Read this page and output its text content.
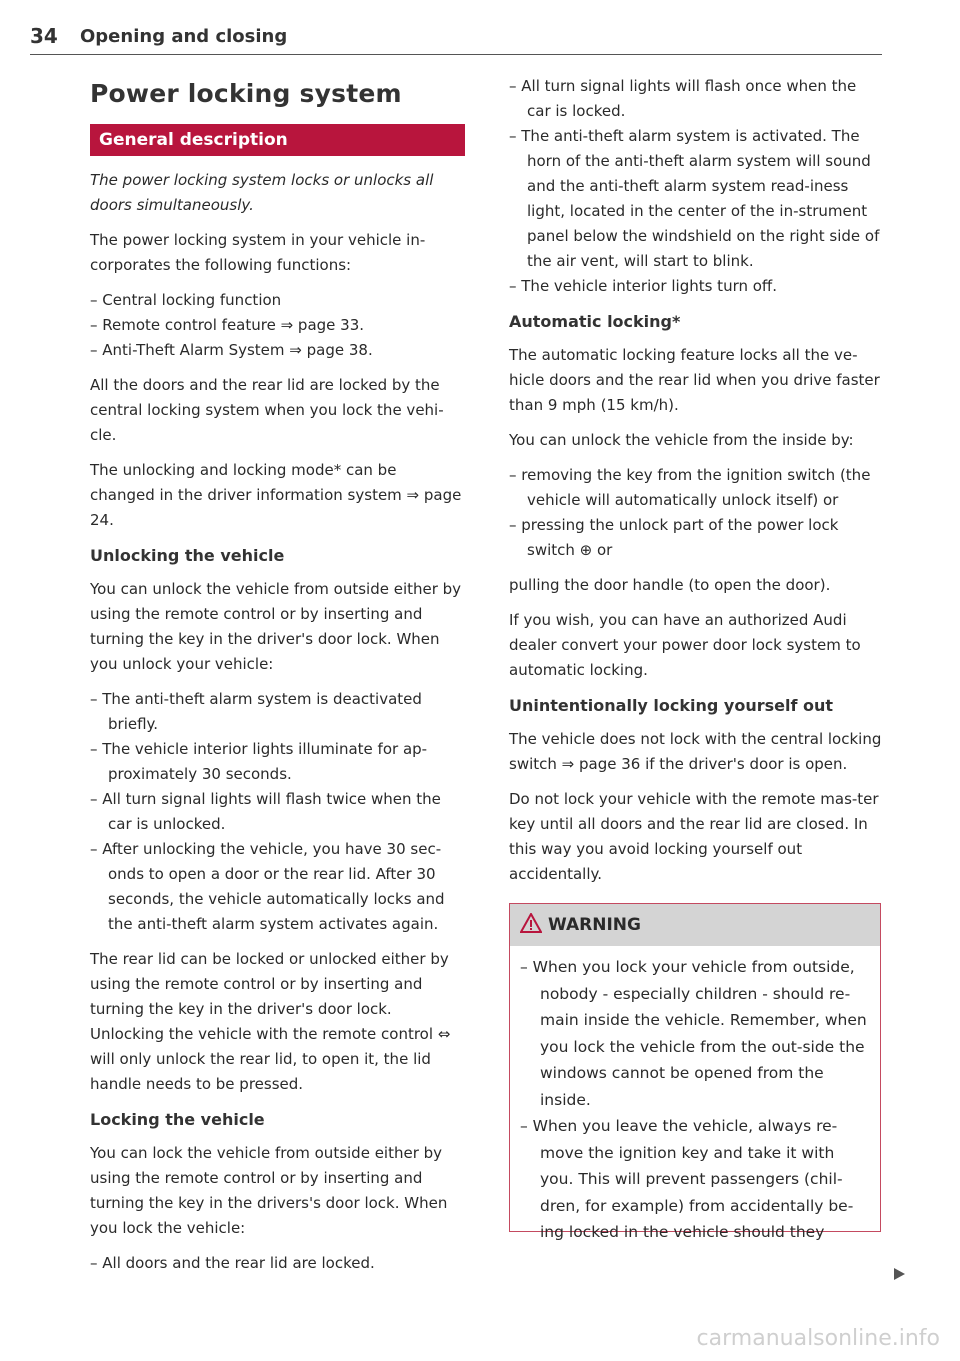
34 Opening and closing
Power locking system
General description

The power locking system locks or unlocks all doors simultaneously.

The power locking system in your vehicle in-corporates the following functions:

– Central locking function
– Remote control feature ⇒ page 33.
– Anti-Theft Alarm System ⇒ page 38.

All the doors and the rear lid are locked by the central locking system when you lock the vehi-cle.

The unlocking and locking mode* can be changed in the driver information system ⇒ page 24.

Unlocking the vehicle

You can unlock the vehicle from outside either by using the remote control or by inserting and turning the key in the driver's door lock. When you unlock your vehicle:

– The anti-theft alarm system is deactivated briefly.
– The vehicle interior lights illuminate for ap-proximately 30 seconds.
– All turn signal lights will flash twice when the car is unlocked.
– After unlocking the vehicle, you have 30 sec-onds to open a door or the rear lid. After 30 seconds, the vehicle automatically locks and the anti-theft alarm system activates again.

The rear lid can be locked or unlocked either by using the remote control or by inserting and turning the key in the driver's door lock. Unlocking the vehicle with the remote control ⇔ will only unlock the rear lid, to open it, the lid handle needs to be pressed.

Locking the vehicle

You can lock the vehicle from outside either by using the remote control or by inserting and turning the key in the drivers's door lock. When you lock the vehicle:

– All doors and the rear lid are locked.
– All turn signal lights will flash once when the car is locked.
– The anti-theft alarm system is activated. The horn of the anti-theft alarm system will sound and the anti-theft alarm system read-iness light, located in the center of the in-strument panel below the windshield on the right side of the air vent, will start to blink.
– The vehicle interior lights turn off.
Automatic locking*

The automatic locking feature locks all the ve-hicle doors and the rear lid when you drive faster than 9 mph (15 km/h).

You can unlock the vehicle from the inside by:

– removing the key from the ignition switch (the vehicle will automatically unlock itself) or
– pressing the unlock part of the power lock switch ⊕ or

pulling the door handle (to open the door).

If you wish, you can have an authorized Audi dealer convert your power door lock system to automatic locking.

Unintentionally locking yourself out

The vehicle does not lock with the central locking switch ⇒ page 36 if the driver's door is open.

Do not lock your vehicle with the remote mas-ter key until all doors and the rear lid are closed. In this way you avoid locking yourself out accidentally.

WARNING
– When you lock your vehicle from outside, nobody - especially children - should re-main inside the vehicle. Remember, when you lock the vehicle from the out-side the windows cannot be opened from the inside.
– When you leave the vehicle, always re-move the ignition key and take it with you. This will prevent passengers (chil-dren, for example) from accidentally be-ing locked in the vehicle should they
carmanualsonline.info
